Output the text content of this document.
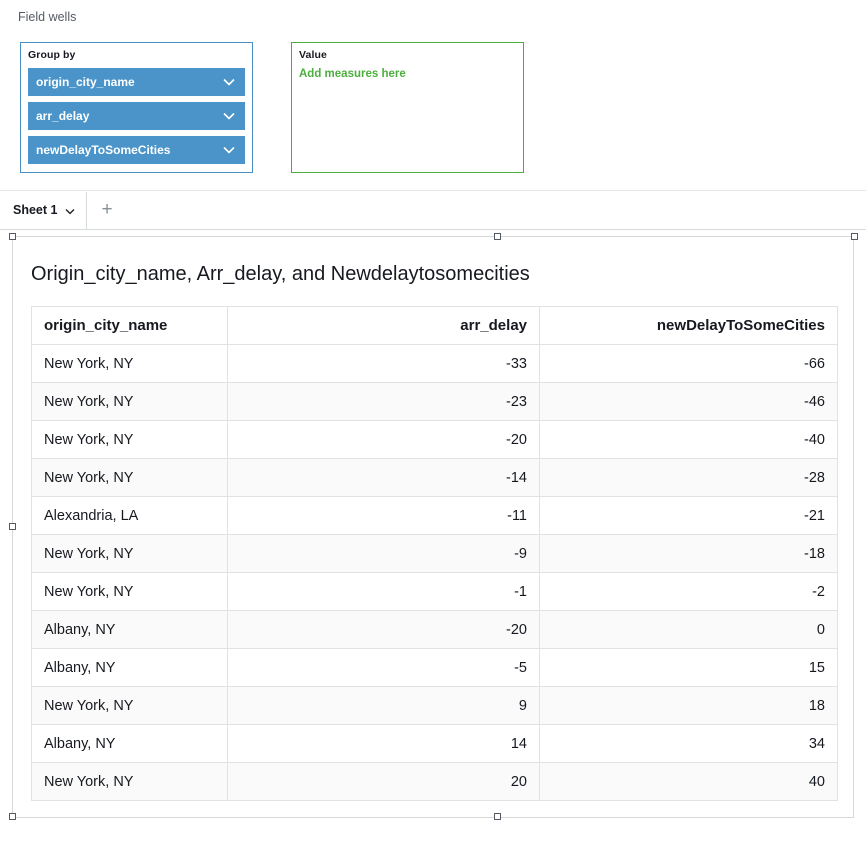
Field wells
Group by
origin_city_name
arr_delay
newDelayToSomeCities
Value
Add measures here
Sheet 1	+
Origin_city_name, Arr_delay, and Newdelaytosomecities
origin_city_name	arr_delay	newDelayToSomeCities
New York, NY	-33	-66
New York, NY	-23	-46
New York, NY	-20	-40
New York, NY	-14	-28
Alexandria, LA	-11	-21
New York, NY	-9	-18
New York, NY	-1	-2
Albany, NY	-20	0
Albany, NY	-5	15
New York, NY	9	18
Albany, NY	14	34
New York, NY	20	40
